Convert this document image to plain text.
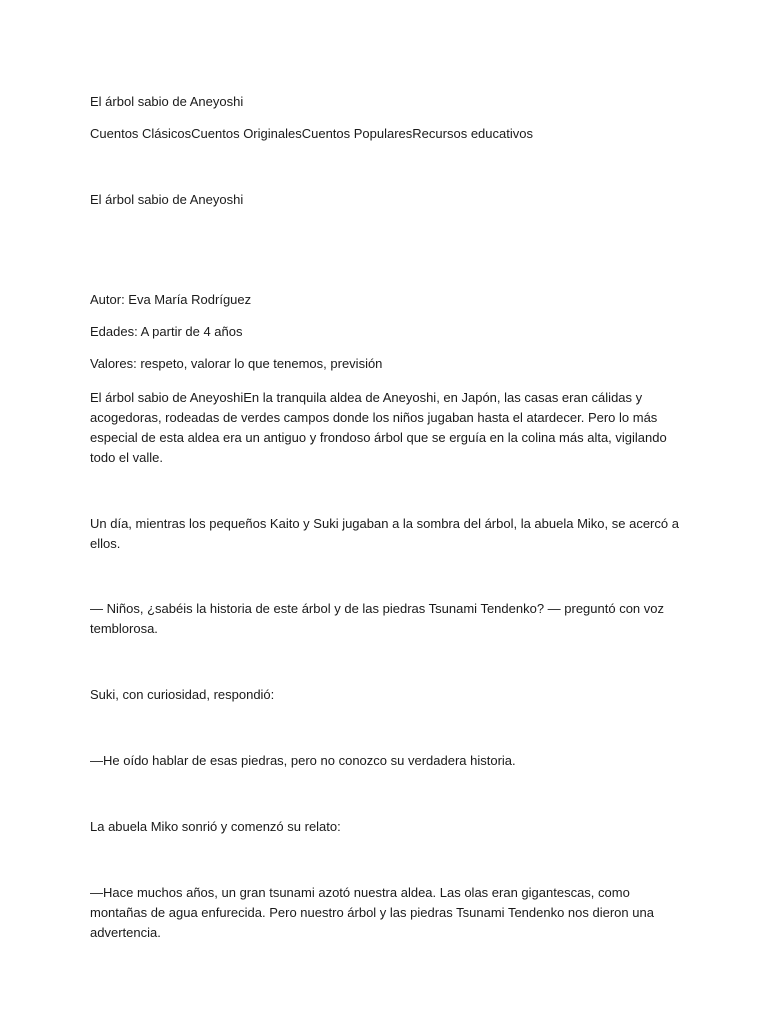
El árbol sabio de Aneyoshi

Cuentos ClásicosCuentos OriginalesCuentos PopularesRecursos educativos
El árbol sabio de Aneyoshi

Autor: Eva María Rodríguez

Edades: A partir de 4 años

Valores: respeto, valorar lo que tenemos, previsión

El árbol sabio de AneyoshiEn la tranquila aldea de Aneyoshi, en Japón, las casas eran cálidas y acogedoras, rodeadas de verdes campos donde los niños jugaban hasta el atardecer. Pero lo más especial de esta aldea era un antiguo y frondoso árbol que se erguía en la colina más alta, vigilando todo el valle.

Un día, mientras los pequeños Kaito y Suki jugaban a la sombra del árbol, la abuela Miko, se acercó a ellos.

— Niños, ¿sabéis la historia de este árbol y de las piedras Tsunami Tendenko? — preguntó con voz temblorosa.

Suki, con curiosidad, respondió:

—He oído hablar de esas piedras, pero no conozco su verdadera historia.

La abuela Miko sonrió y comenzó su relato:

—Hace muchos años, un gran tsunami azotó nuestra aldea. Las olas eran gigantescas, como montañas de agua enfurecida. Pero nuestro árbol y las piedras Tsunami Tendenko nos dieron una advertencia.
